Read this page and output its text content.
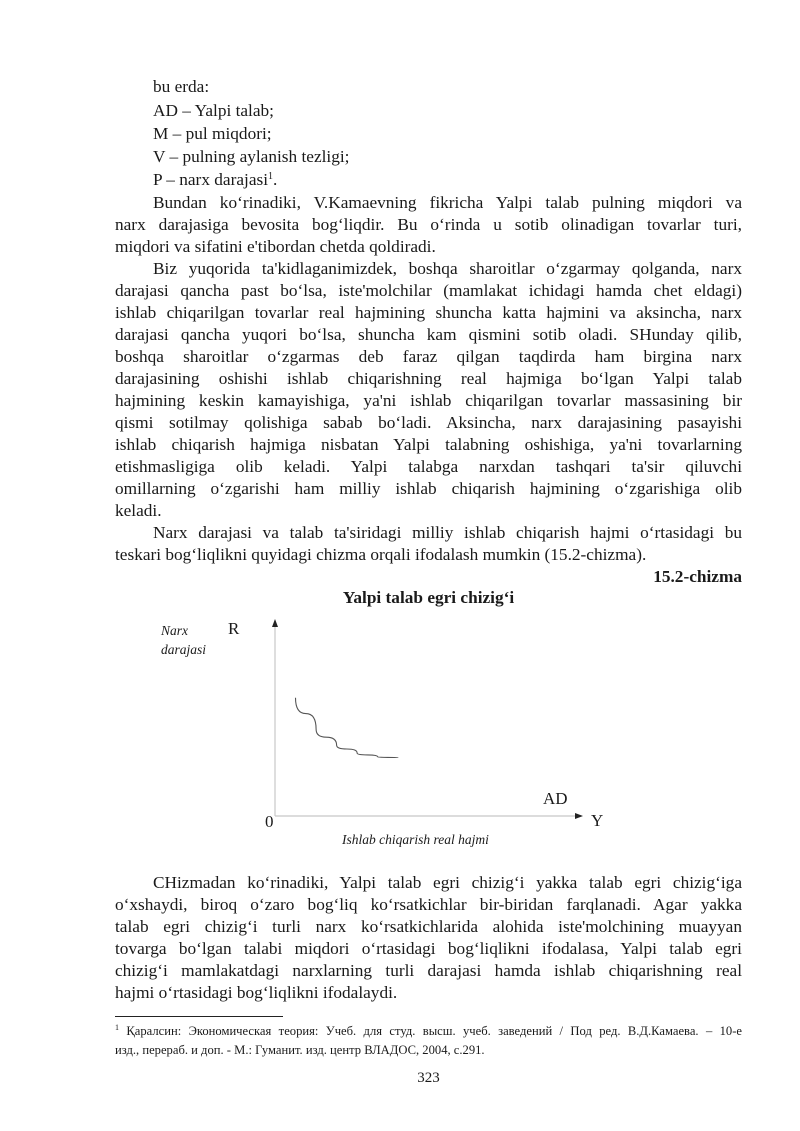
bu erda:
AD – Yalpi talab;
M – pul miqdori;
V – pulning aylanish tezligi;
P – narx darajasi$^1$.
Bundan ko‘rinadiki, V.Kamaevning fikricha Yalpi talab pulning miqdori va
narx darajasiga bevosita bog‘liqdir. Bu o‘rinda u sotib olinadigan tovarlar turi,
miqdori va sifatini e'tibordan chetda qoldiradi.
Biz yuqorida ta'kidlaganimizdek, boshqa sharoitlar o‘zgarmay qolganda, narx
darajasi qancha past bo‘lsa, iste'molchilar (mamlakat ichidagi hamda chet eldagi)
ishlab chiqarilgan tovarlar real hajmining shuncha katta hajmini va aksincha, narx
darajasi qancha yuqori bo‘lsa, shuncha kam qismini sotib oladi. SHunday qilib,
boshqa sharoitlar o‘zgarmas deb faraz qilgan taqdirda ham birgina narx
darajasining oshishi ishlab chiqarishning real hajmiga bo‘lgan Yalpi talab
hajmining keskin kamayishiga, ya'ni ishlab chiqarilgan tovarlar massasining bir
qismi sotilmay qolishiga sabab bo‘ladi. Aksincha, narx darajasining pasayishi
ishlab chiqarish hajmiga nisbatan Yalpi talabning oshishiga, ya'ni tovarlarning
etishmasligiga olib keladi. Yalpi talabga narxdan tashqari ta'sir qiluvchi
omillarning o‘zgarishi ham milliy ishlab chiqarish hajmining o‘zgarishiga olib
keladi.
Narx darajasi va talab ta'siridagi milliy ishlab chiqarish hajmi o‘rtasidagi bu
teskari bog‘liqlikni quyidagi chizma orqali ifodalash mumkin (15.2-chizma).
15.2-chizma
Yalpi talab egri chizig‘i
Narx
darajasi
R
AD
0	Y
Ishlab chiqarish real hajmi
CHizmadan ko‘rinadiki, Yalpi talab egri chizig‘i yakka talab egri chizig‘iga
o‘xshaydi, biroq o‘zaro bog‘liq ko‘rsatkichlar bir-biridan farqlanadi. Agar yakka
talab egri chizig‘i turli narx ko‘rsatkichlarida alohida iste'molchining muayyan
tovarga bo‘lgan talabi miqdori o‘rtasidagi bog‘liqlikni ifodalasa, Yalpi talab egri
chizig‘i mamlakatdagi narxlarning turli darajasi hamda ishlab chiqarishning real
hajmi o‘rtasidagi bog‘liqlikni ifodalaydi.
$^1$ Қаралсин: Экономическая теория: Учеб. для студ. высш. учеб. заведений / Под ред. В.Д.Камаева. – 10-е
изд., перераб. и доп. - М.: Гуманит. изд. центр ВЛАДОС, 2004, с.291.
323
